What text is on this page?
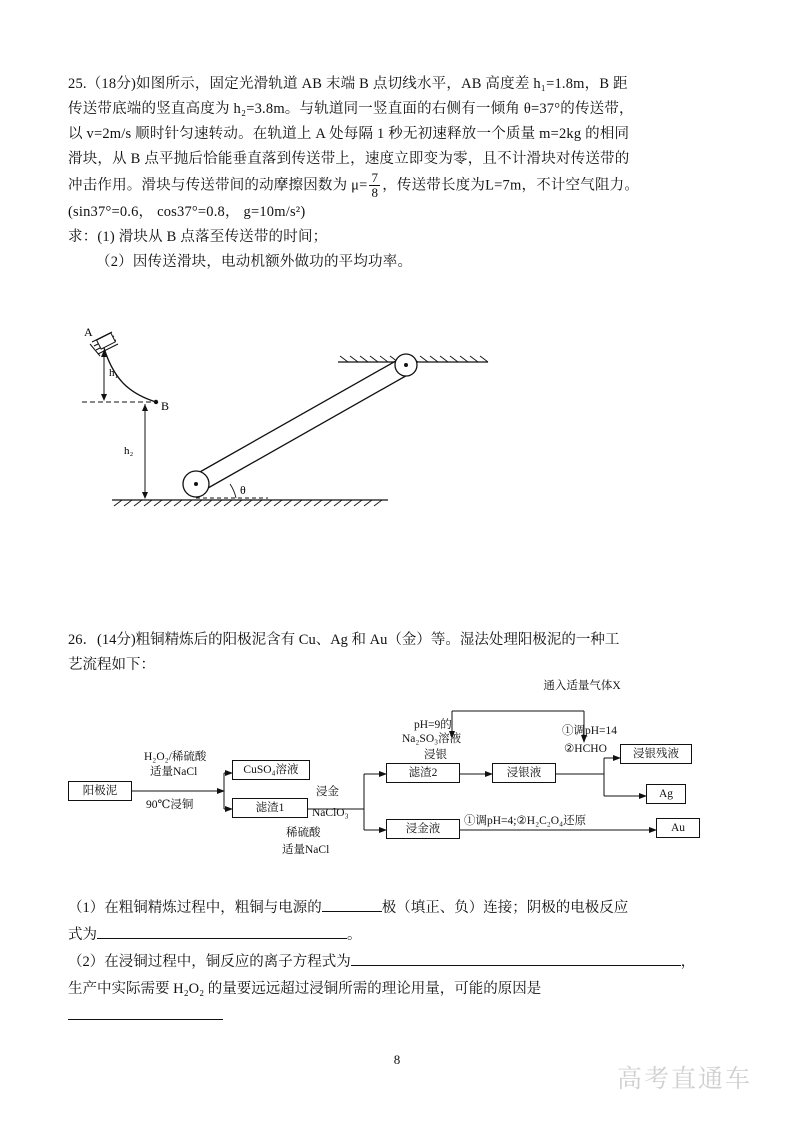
25.（18分)如图所示，固定光滑轨道 AB 末端 B 点切线水平，AB 高度差 h₁=1.8m，B 距

传送带底端的竖直高度为 h₂=3.8m。与轨道同一竖直面的右侧有一倾角 θ=37°的传送带，

以 v=2m/s 顺时针匀速转动。在轨道上 A 处每隔 1 秒无初速释放一个质量 m=2kg 的相同

滑块，从 B 点平抛后恰能垂直落到传送带上，速度立即变为零，且不计滑块对传送带的

冲击作用。滑块与传送带间的动摩擦因数为 $\mu= \frac{7}{8}$ ，传送带长度为L=7m，不计空气阻力。

(sin37°=0.6， cos37°=0.8， g=10m/s²)

求：(1) 滑块从 B 点落至传送带的时间；

（2）因传送滑块，电动机额外做功的平均功率。

h₁
B
A
h₂
θ

26．(14分)粗铜精炼后的阳极泥含有 Cu、Ag 和 Au（金）等。湿法处理阳极泥的一种工

艺流程如下：

阳极泥
H₂O₂/稀硫酸
适量NaCl
90℃浸铜
CuSO₄溶液
滤渣1
浸金
NaClO₃
稀硫酸
适量NaCl
滤渣2
浸金液
pH=9的
Na₂SO₃溶液
浸银
通入适量气体X
浸银液
①调pH=14
②HCHO	浸银残液
Ag
①调pH=4;②H₂C₂O₄还原
Au

（1）在粗铜精炼过程中，粗铜与电源的	极（填正、负）连接；阴极的电极反应

式为	。

（2）在浸铜过程中，铜反应的离子方程式为	，

生产中实际需要 H₂O₂ 的量要远远超过浸铜所需的理论用量，可能的原因是

8
高考直通车
